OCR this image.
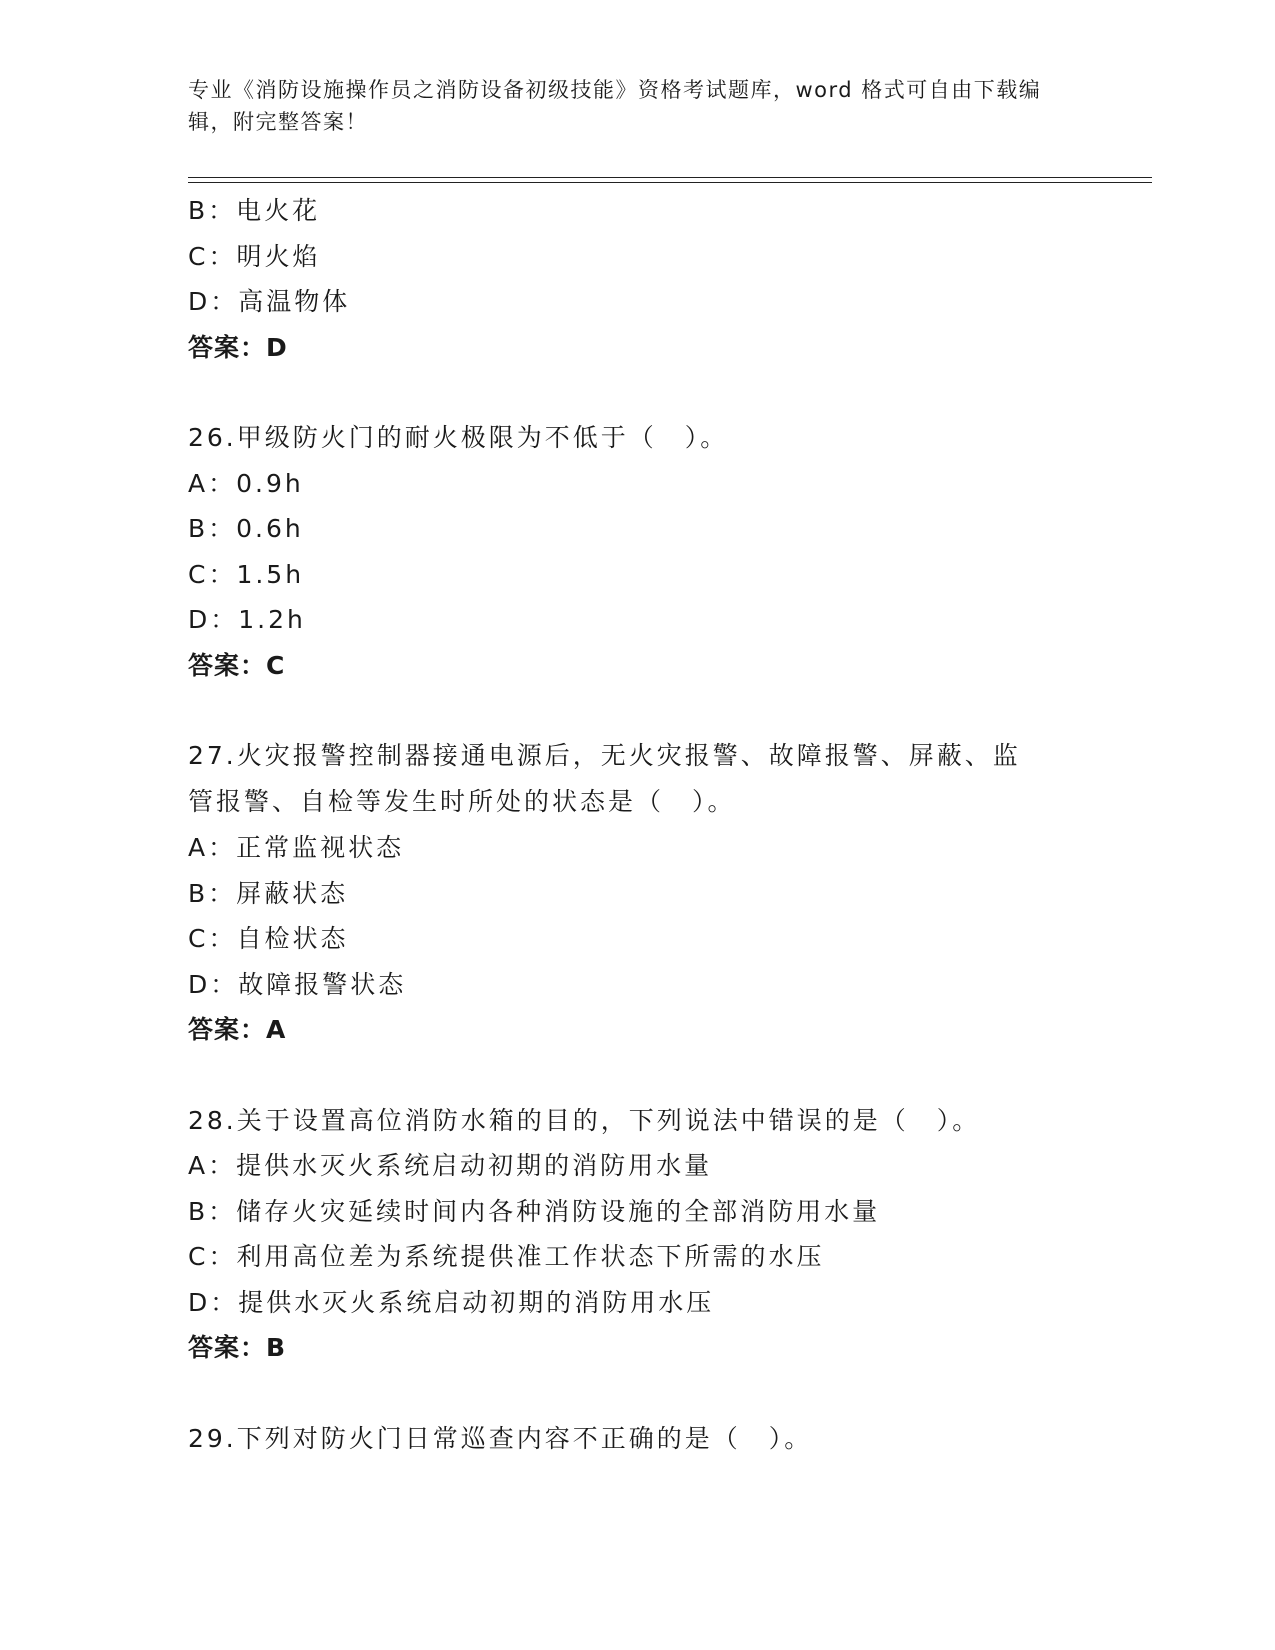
专业《消防设施操作员之消防设备初级技能》资格考试题库，word 格式可自由下载编辑，附完整答案！
B：电火花
C：明火焰
D：高温物体
答案：D
26.甲级防火门的耐火极限为不低于（　）。
A：0.9h
B：0.6h
C：1.5h
D：1.2h
答案：C
27.火灾报警控制器接通电源后，无火灾报警、故障报警、屏蔽、监管报警、自检等发生时所处的状态是（　）。
A：正常监视状态
B：屏蔽状态
C：自检状态
D：故障报警状态
答案：A
28.关于设置高位消防水箱的目的，下列说法中错误的是（　）。
A：提供水灭火系统启动初期的消防用水量
B：储存火灾延续时间内各种消防设施的全部消防用水量
C：利用高位差为系统提供准工作状态下所需的水压
D：提供水灭火系统启动初期的消防用水压
答案：B
29.下列对防火门日常巡查内容不正确的是（　）。
